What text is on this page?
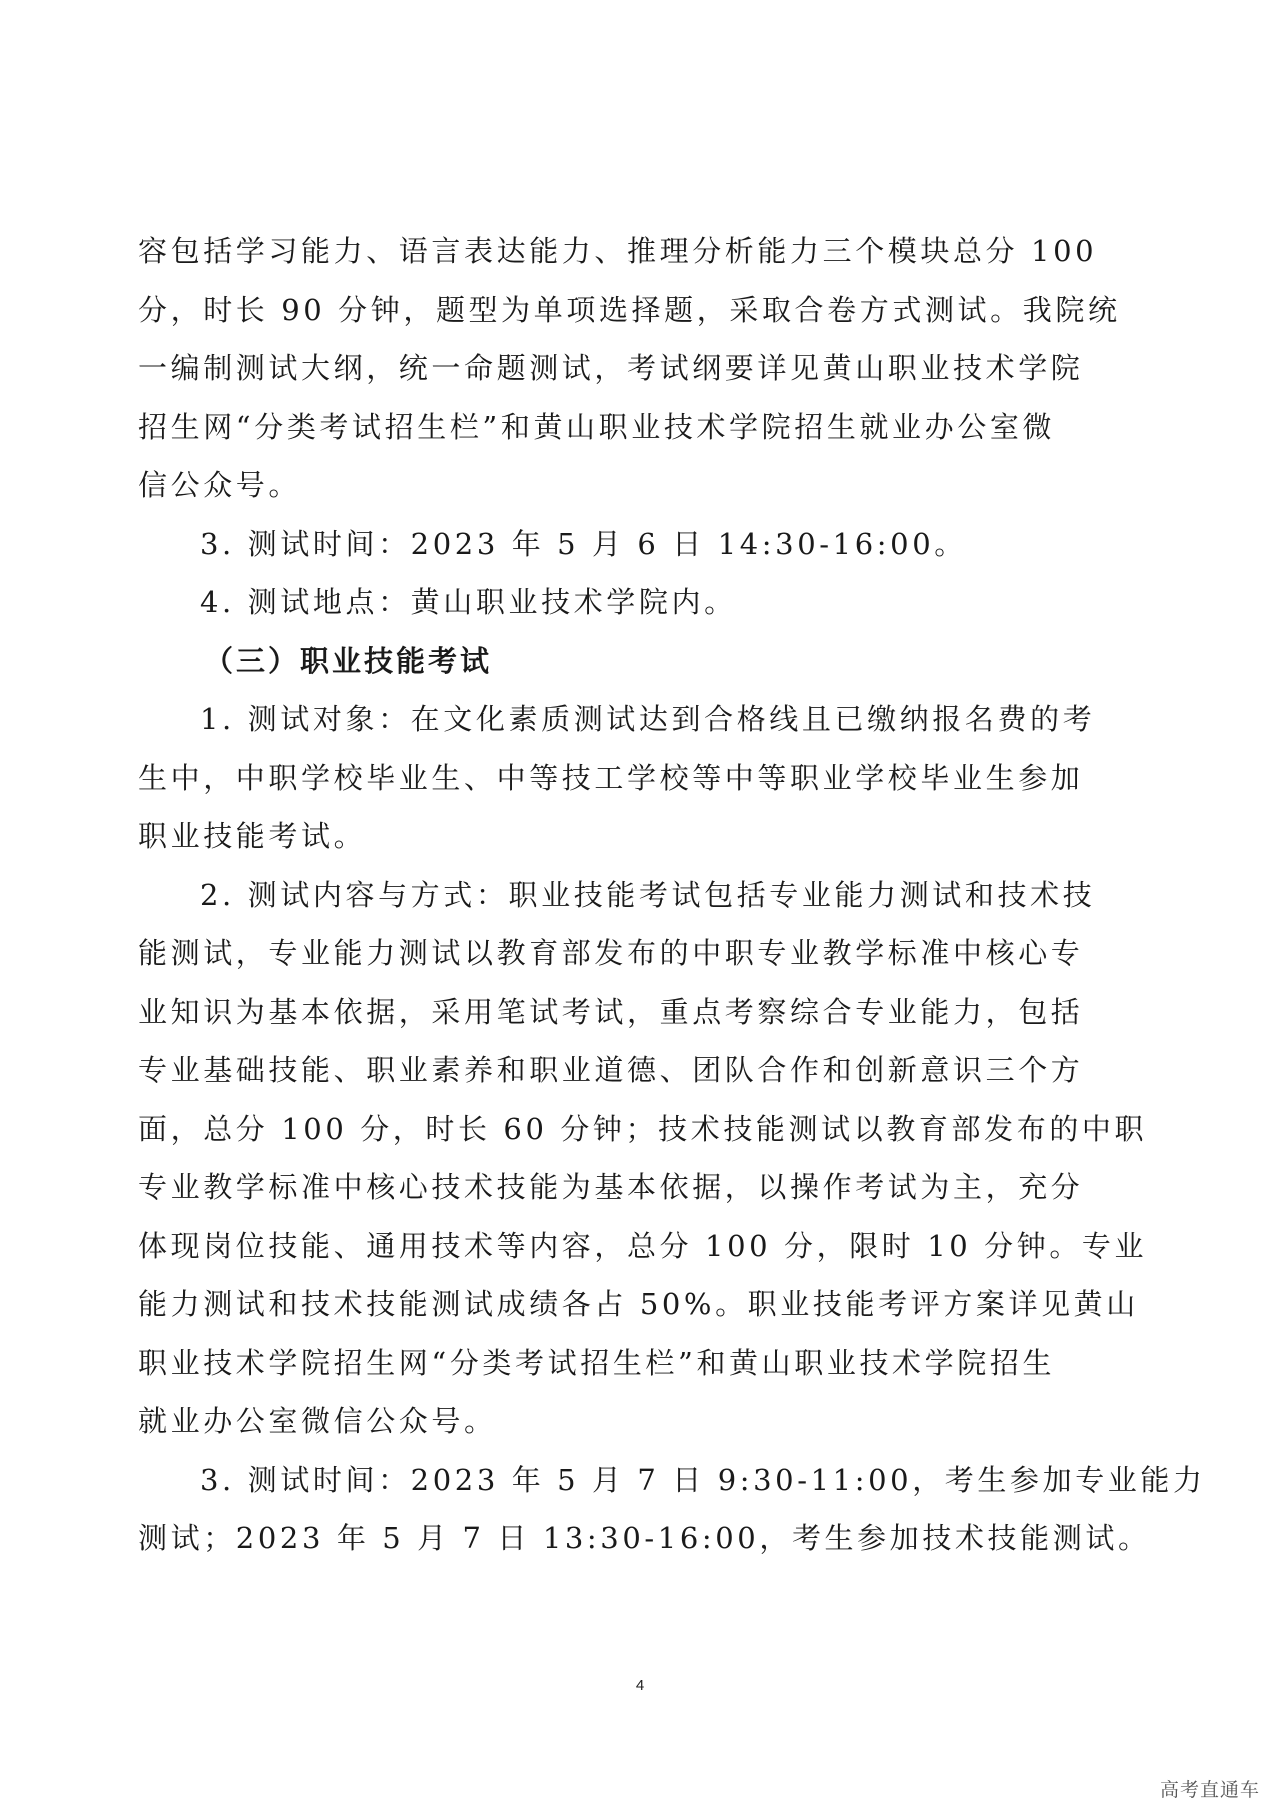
容包括学习能力、语言表达能力、推理分析能力三个模块总分 100
分，时长 90 分钟，题型为单项选择题，采取合卷方式测试。我院统
一编制测试大纲，统一命题测试，考试纲要详见黄山职业技术学院
招生网“分类考试招生栏”和黄山职业技术学院招生就业办公室微
信公众号。
3. 测试时间：2023 年 5 月 6 日 14:30-16:00。
4. 测试地点：黄山职业技术学院内。
（三）职业技能考试
1. 测试对象：在文化素质测试达到合格线且已缴纳报名费的考
生中，中职学校毕业生、中等技工学校等中等职业学校毕业生参加
职业技能考试。
2. 测试内容与方式：职业技能考试包括专业能力测试和技术技
能测试，专业能力测试以教育部发布的中职专业教学标准中核心专
业知识为基本依据，采用笔试考试，重点考察综合专业能力，包括
专业基础技能、职业素养和职业道德、团队合作和创新意识三个方
面，总分 100 分，时长 60 分钟；技术技能测试以教育部发布的中职
专业教学标准中核心技术技能为基本依据，以操作考试为主，充分
体现岗位技能、通用技术等内容，总分 100 分，限时 10 分钟。专业
能力测试和技术技能测试成绩各占 50%。职业技能考评方案详见黄山
职业技术学院招生网“分类考试招生栏”和黄山职业技术学院招生
就业办公室微信公众号。
3. 测试时间：2023 年 5 月 7 日 9:30-11:00，考生参加专业能力
测试；2023 年 5 月 7 日 13:30-16:00，考生参加技术技能测试。
4
高考直通车
